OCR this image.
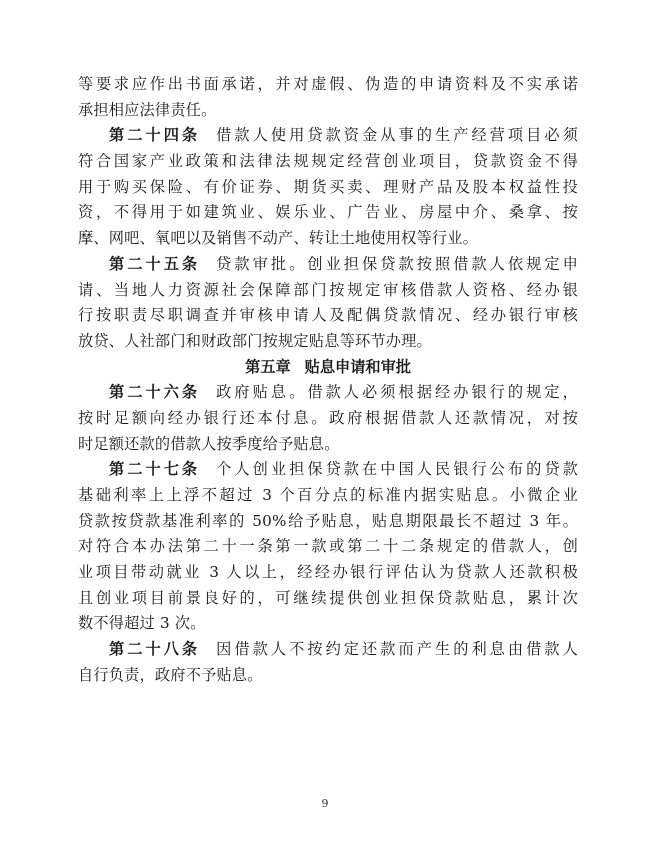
等要求应作出书面承诺，并对虚假、伪造的申请资料及不实承诺
承担相应法律责任。
第二十四条 借款人使用贷款资金从事的生产经营项目必须
符合国家产业政策和法律法规规定经营创业项目，贷款资金不得
用于购买保险、有价证券、期货买卖、理财产品及股本权益性投
资，不得用于如建筑业、娱乐业、广告业、房屋中介、桑拿、按
摩、网吧、氧吧以及销售不动产、转让土地使用权等行业。
第二十五条 贷款审批。创业担保贷款按照借款人依规定申
请、当地人力资源社会保障部门按规定审核借款人资格、经办银
行按职责尽职调查并审核申请人及配偶贷款情况、经办银行审核
放贷、人社部门和财政部门按规定贴息等环节办理。
第五章 贴息申请和审批
第二十六条 政府贴息。借款人必须根据经办银行的规定，
按时足额向经办银行还本付息。政府根据借款人还款情况，对按
时足额还款的借款人按季度给予贴息。
第二十七条 个人创业担保贷款在中国人民银行公布的贷款
基础利率上上浮不超过 3 个百分点的标准内据实贴息。小微企业
贷款按贷款基准利率的 50%给予贴息，贴息期限最长不超过 3 年。
对符合本办法第二十一条第一款或第二十二条规定的借款人，创
业项目带动就业 3 人以上，经经办银行评估认为贷款人还款积极
且创业项目前景良好的，可继续提供创业担保贷款贴息，累计次
数不得超过 3 次。
第二十八条 因借款人不按约定还款而产生的利息由借款人
自行负责，政府不予贴息。
9
